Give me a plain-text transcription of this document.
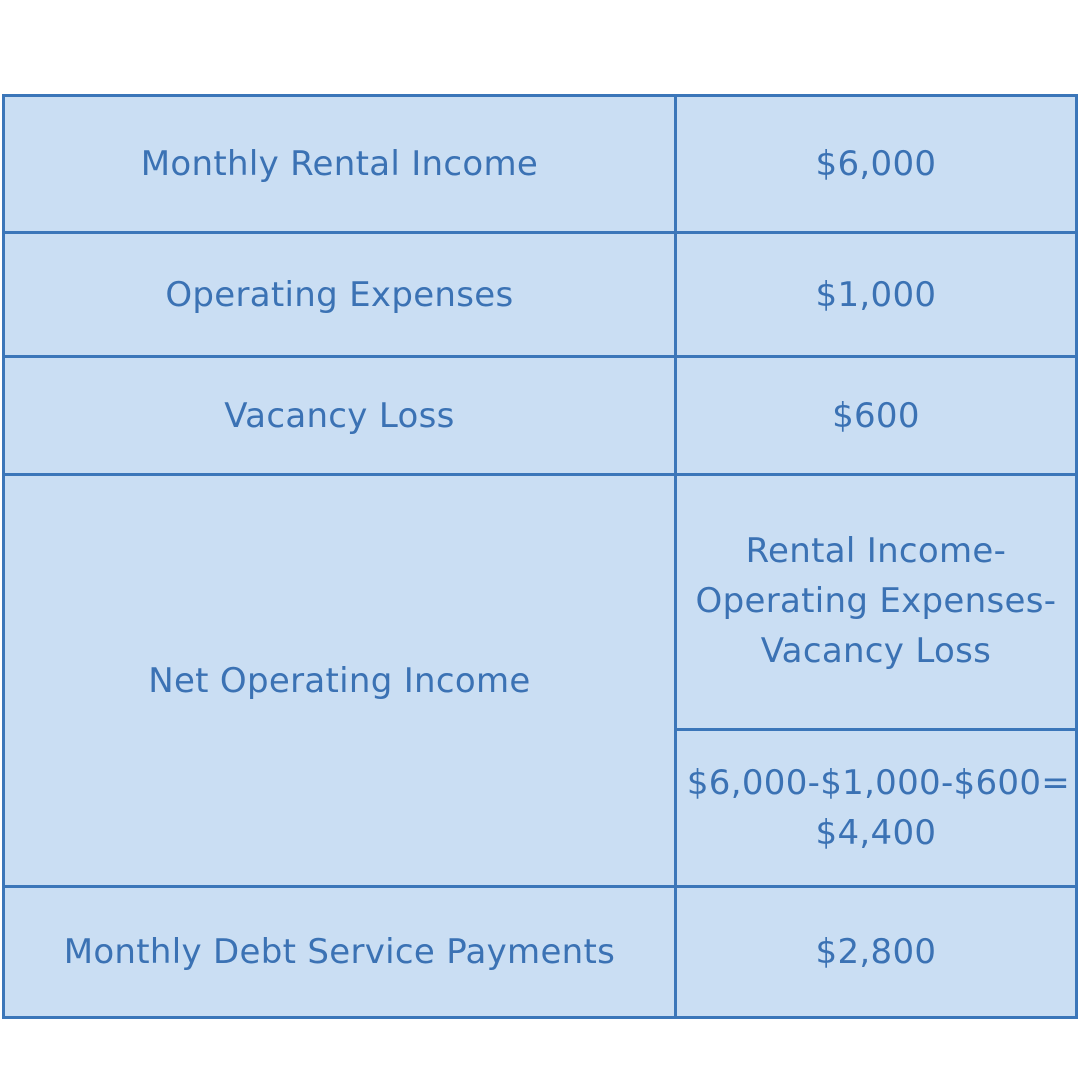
Monthly Rental Income	$6,000
Operating Expenses	$1,000
Vacancy Loss	$600
Net Operating Income	Rental Income-
Operating Expenses-
Vacancy Loss

	$6,000-$1,000-$600=
$4,400

Monthly Debt Service Payments	$2,800
